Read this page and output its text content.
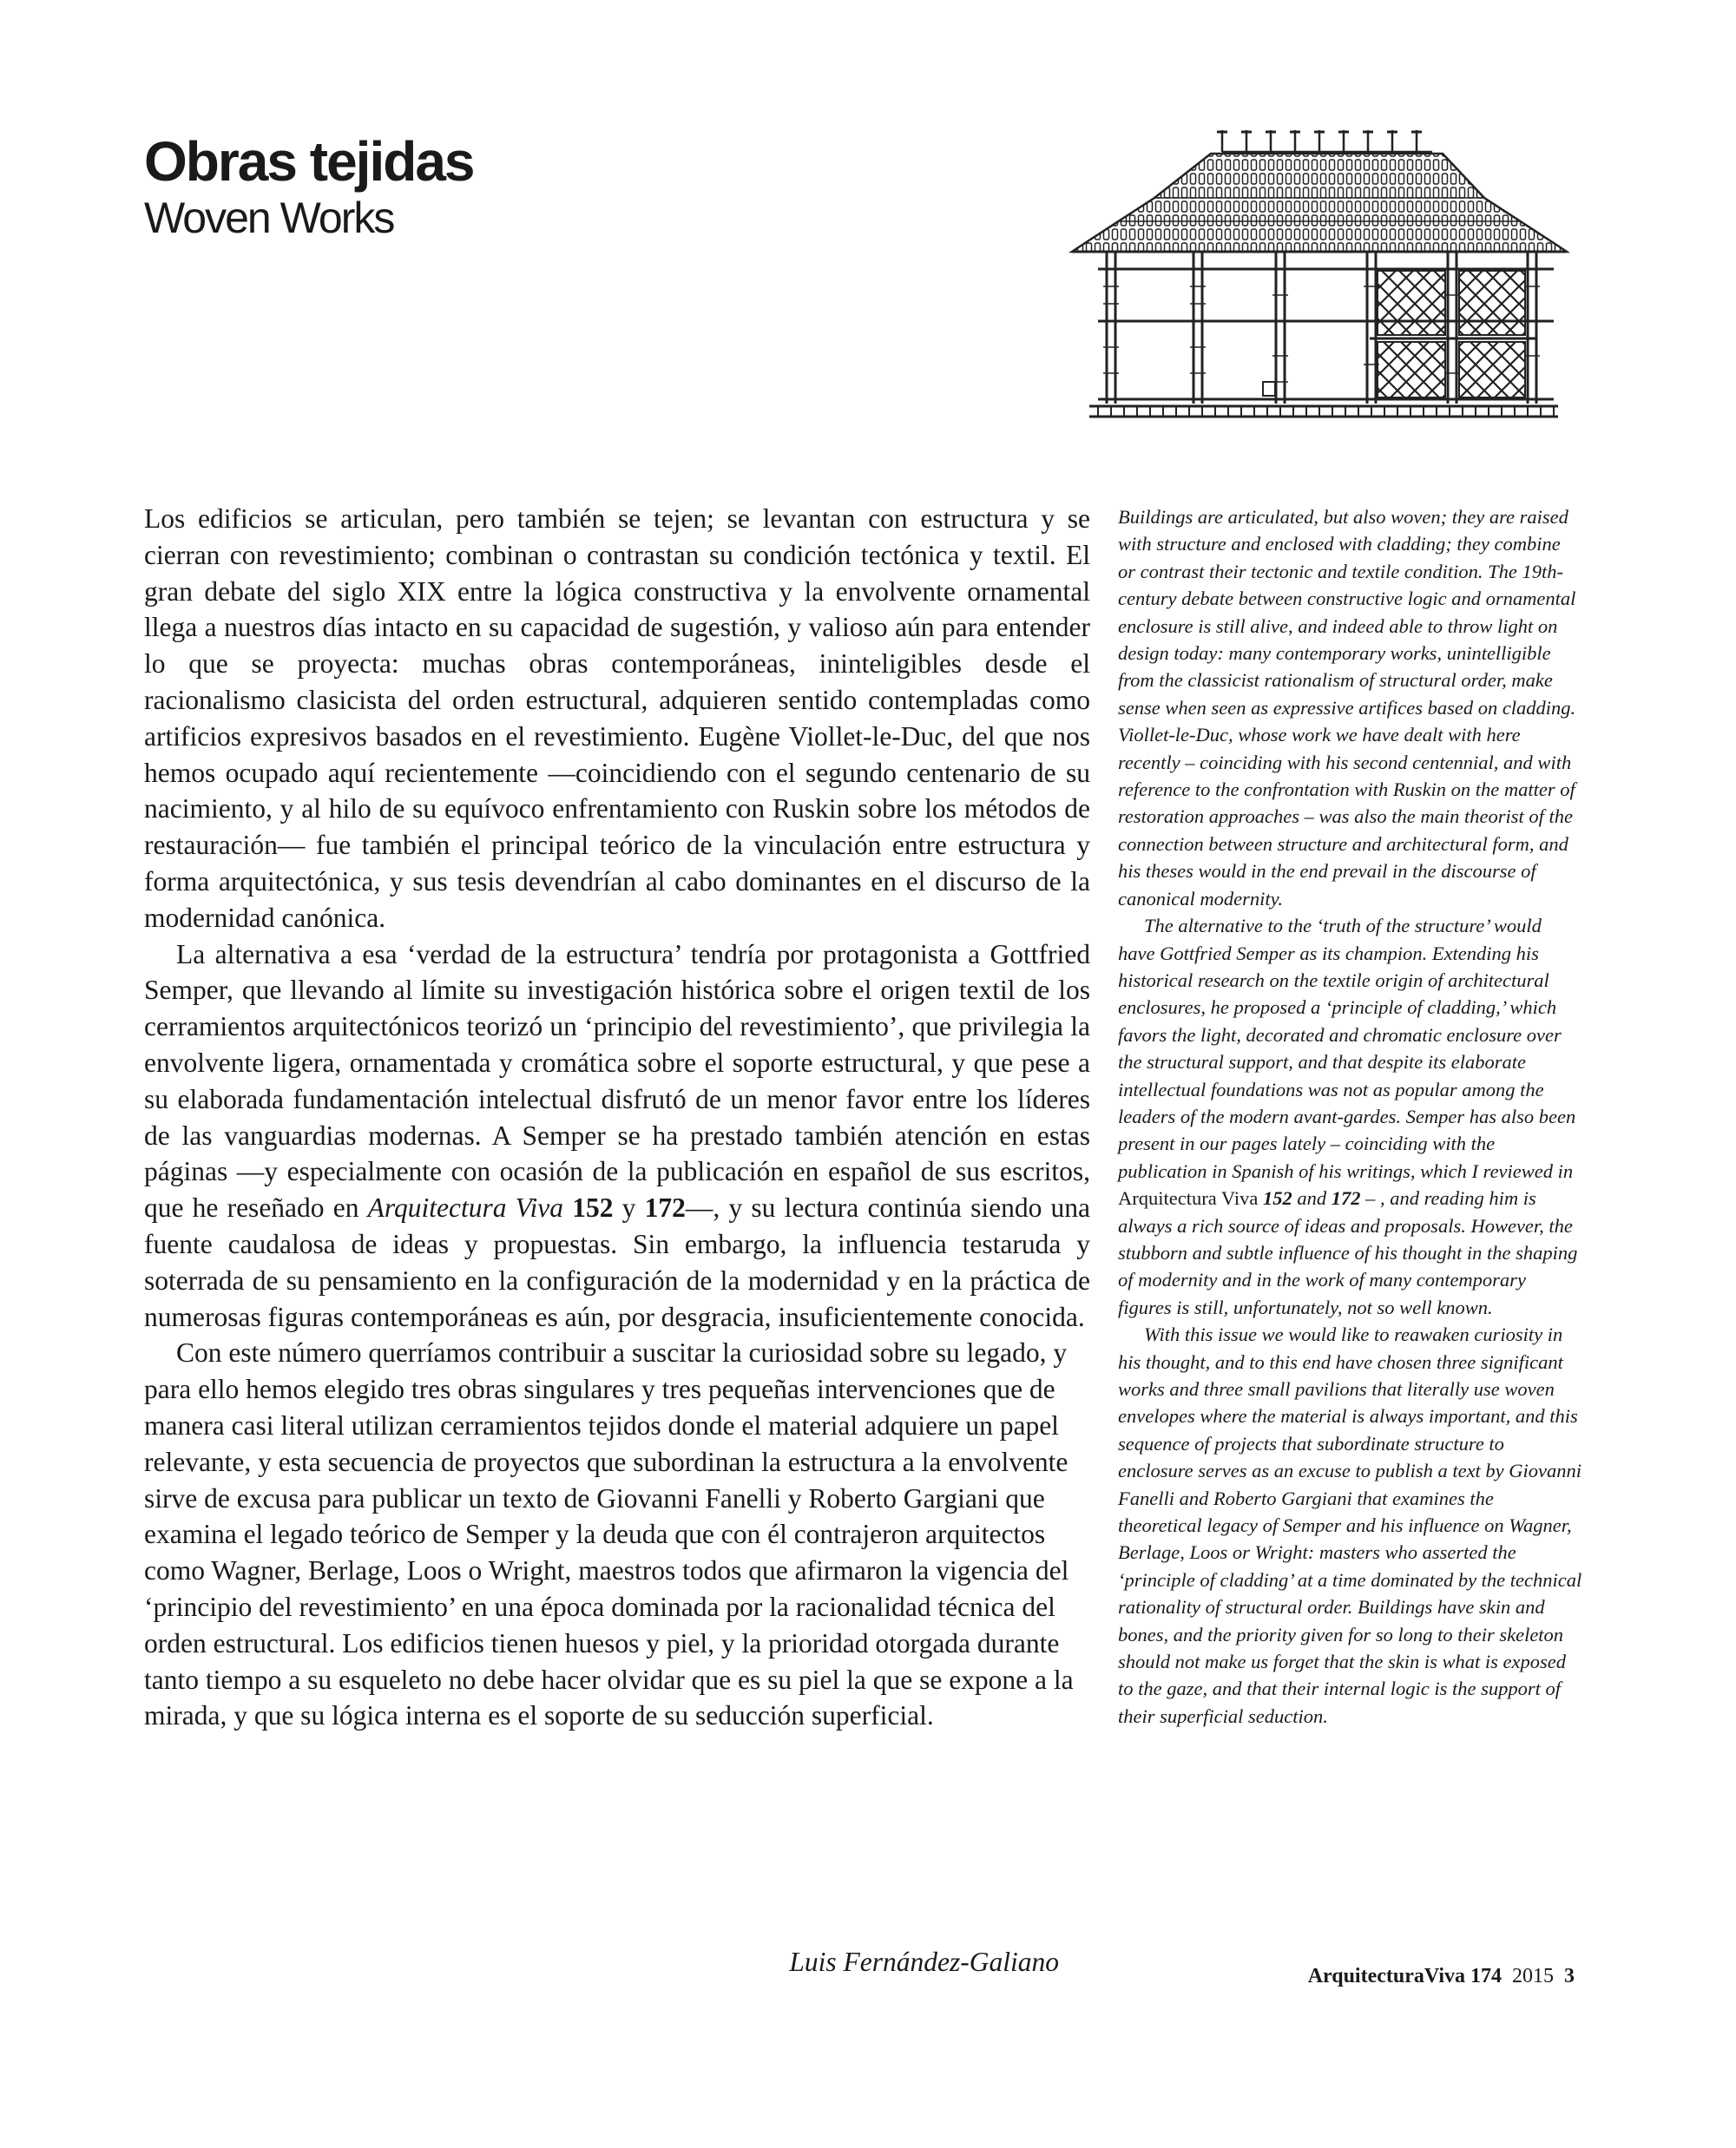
Obras tejidas
Woven Works

Los edificios se articulan, pero también se tejen; se levantan con estructura y se cierran con revestimiento; combinan o contrastan su condición tectónica y textil. El gran debate del siglo XIX entre la lógica constructiva y la envolvente ornamental llega a nuestros días intacto en su capacidad de sugestión, y valioso aún para entender lo que se proyecta: muchas obras contemporáneas, ininteligibles desde el racionalismo clasicista del orden estructural, adquieren sentido contempladas como artificios expresivos basados en el revestimiento. Eugène Viollet-le-Duc, del que nos hemos ocupado aquí recientemente —coincidiendo con el segundo centenario de su nacimiento, y al hilo de su equívoco enfrentamiento con Ruskin sobre los métodos de restauración— fue también el principal teórico de la vinculación entre estructura y forma arquitectónica, y sus tesis devendrían al cabo dominantes en el discurso de la modernidad canónica.

La alternativa a esa ‘verdad de la estructura’ tendría por protagonista a Gottfried Semper, que llevando al límite su investigación histórica sobre el origen textil de los cerramientos arquitectónicos teorizó un ‘principio del revestimiento’, que privilegia la envolvente ligera, ornamentada y cromática sobre el soporte estructural, y que pese a su elaborada fundamentación intelectual disfrutó de un menor favor entre los líderes de las vanguardias modernas. A Semper se ha prestado también atención en estas páginas —y especialmente con ocasión de la publicación en español de sus escritos, que he reseñado en Arquitectura Viva 152 y 172—, y su lectura continúa siendo una fuente caudalosa de ideas y propuestas. Sin embargo, la influencia testaruda y soterrada de su pensamiento en la configuración de la modernidad y en la práctica de numerosas figuras contemporáneas es aún, por desgracia, insuficientemente conocida.

Con este número querríamos contribuir a suscitar la curiosidad sobre su legado, y para ello hemos elegido tres obras singulares y tres pequeñas intervenciones que de manera casi literal utilizan cerramientos tejidos donde el material adquiere un papel relevante, y esta secuencia de proyectos que subordinan la estructura a la envolvente sirve de excusa para publicar un texto de Giovanni Fanelli y Roberto Gargiani que examina el legado teórico de Semper y la deuda que con él contrajeron arquitectos como Wagner, Berlage, Loos o Wright, maestros todos que afirmaron la vigencia del ‘principio del revestimiento’ en una época dominada por la racionalidad técnica del orden estructural. Los edificios tienen huesos y piel, y la prioridad otorgada durante tanto tiempo a su esqueleto no debe hacer olvidar que es su piel la que se expone a la mirada, y que su lógica interna es el soporte de su seducción superficial.

Luis Fernández-Galiano

Buildings are articulated, but also woven; they are raised with structure and enclosed with cladding; they combine or contrast their tectonic and textile condition. The 19th-century debate between constructive logic and ornamental enclosure is still alive, and indeed able to throw light on design today: many contemporary works, unintelligible from the classicist rationalism of structural order, make sense when seen as expressive artifices based on cladding. Viollet-le-Duc, whose work we have dealt with here recently – coinciding with his second centennial, and with reference to the confrontation with Ruskin on the matter of restoration approaches – was also the main theorist of the connection between structure and architectural form, and his theses would in the end prevail in the discourse of canonical modernity.

The alternative to the ‘truth of the structure’ would have Gottfried Semper as its champion. Extending his historical research on the textile origin of architectural enclosures, he proposed a ‘principle of cladding,’ which favors the light, decorated and chromatic enclosure over the structural support, and that despite its elaborate intellectual foundations was not as popular among the leaders of the modern avant-gardes. Semper has also been present in our pages lately – coinciding with the publication in Spanish of his writings, which I reviewed in Arquitectura Viva 152 and 172 – , and reading him is always a rich source of ideas and proposals. However, the stubborn and subtle influence of his thought in the shaping of modernity and in the work of many contemporary figures is still, unfortunately, not so well known.

With this issue we would like to reawaken curiosity in his thought, and to this end have chosen three significant works and three small pavilions that literally use woven envelopes where the material is always important, and this sequence of projects that subordinate structure to enclosure serves as an excuse to publish a text by Giovanni Fanelli and Roberto Gargiani that examines the theoretical legacy of Semper and his influence on Wagner, Berlage, Loos or Wright: masters who asserted the ‘principle of cladding’ at a time dominated by the technical rationality of structural order. Buildings have skin and bones, and the priority given for so long to their skeleton should not make us forget that the skin is what is exposed to the gaze, and that their internal logic is the support of their superficial seduction.

ArquitecturaViva 174 2015 3
